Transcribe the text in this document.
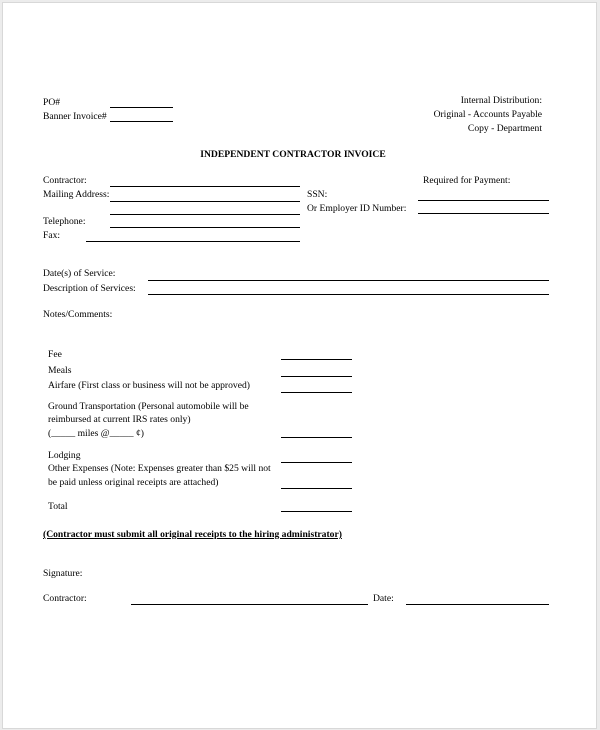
PO#
Banner Invoice#
Internal Distribution:
Original - Accounts Payable
Copy - Department
INDEPENDENT CONTRACTOR INVOICE
Contractor:
Mailing Address:
Telephone:
Fax:
Required for Payment:
SSN:
Or Employer ID Number:
Date(s) of Service:
Description of Services:
Notes/Comments:
Fee
Meals
Airfare (First class or business will not be approved)
Ground Transportation (Personal automobile will be
reimbursed at current IRS rates only)
(_____ miles @_____ ¢)
Lodging
Other Expenses (Note: Expenses greater than $25 will not
be paid unless original receipts are attached)
Total
(Contractor must submit all original receipts to the hiring administrator)
Signature:
Contractor:	Date:
